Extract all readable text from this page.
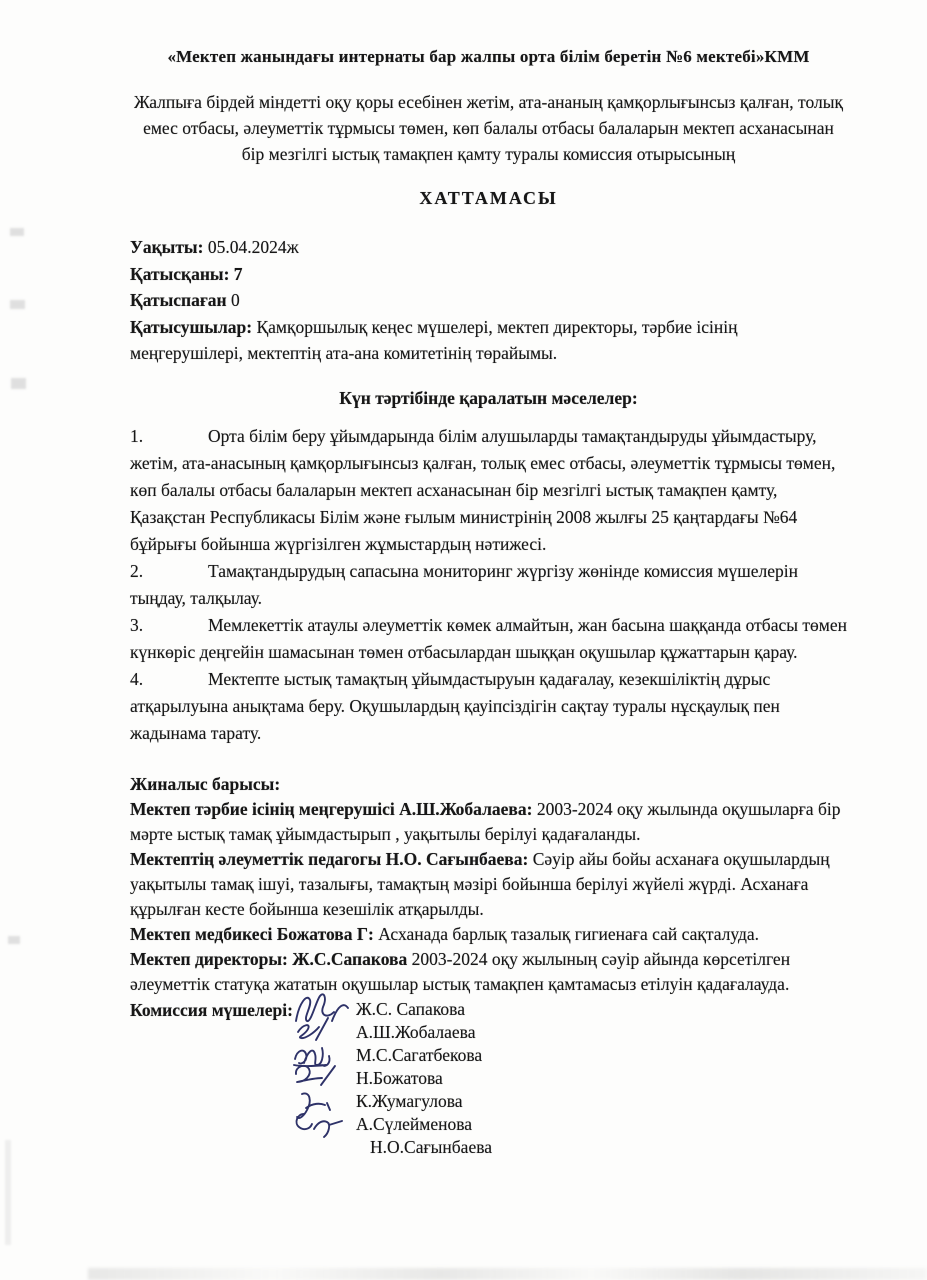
«Мектеп жанындағы интернаты бар жалпы орта білім беретін №6 мектебі»КММ
Жалпыға бірдей міндетті оқу қоры есебінен жетім, ата-ананың қамқорлығынсыз қалған, толық емес отбасы, әлеуметтік тұрмысы төмен, көп балалы отбасы балаларын мектеп асханасынан бір мезгілгі ыстық тамақпен қамту туралы комиссия отырысының
ХАТТАМАСЫ
Уақыты: 05.04.2024ж
Қатысқаны: 7
Қатыспаған 0
Қатысушылар: Қамқоршылық кеңес мүшелері, мектеп директоры, тәрбие ісінің меңгерушілері, мектептің ата-ана комитетінің төрайымы.
Күн тәртібінде қаралатын мәселелер:

1.	Орта білім беру ұйымдарында білім алушыларды тамақтандыруды ұйымдастыру, жетім, ата-анасының қамқорлығынсыз қалған, толық емес отбасы, әлеуметтік тұрмысы төмен, көп балалы отбасы балаларын мектеп асханасынан бір мезгілгі ыстық тамақпен қамту, Қазақстан Республикасы Білім және ғылым министрінің 2008 жылғы 25 қаңтардағы №64 бұйрығы бойынша жүргізілген жұмыстардың нәтижесі.

2.	Тамақтандырудың сапасына мониторинг жүргізу жөнінде комиссия мүшелерін тыңдау, талқылау.

3.	Мемлекеттік атаулы әлеуметтік көмек алмайтын, жан басына шаққанда отбасы төмен күнкөріс деңгейін шамасынан төмен отбасылардан шыққан оқушылар құжаттарын қарау.

4.	Мектепте ыстық тамақтың ұйымдастыруын қадағалау, кезекшіліктің дұрыс атқарылуына анықтама беру. Оқушылардың қауіпсіздігін сақтау туралы нұсқаулық пен жадынама тарату.

Жиналыс барысы:

Мектеп тәрбие ісінің меңгерушісі А.Ш.Жобалаева: 2003-2024 оқу жылында оқушыларға бір мәрте ыстық тамақ ұйымдастырып , уақытылы берілуі қадағаланды.

Мектептің әлеуметтік педагогы Н.О. Сағынбаева: Сәуір айы бойы асханаға оқушылардың уақытылы тамақ ішуі, тазалығы, тамақтың мәзірі бойынша берілуі жүйелі жүрді. Асханаға құрылған кесте бойынша кезешілік атқарылды.

Мектеп медбикесі Божатова Г: Асханада барлық тазалық гигиенаға сай сақталуда.

Мектеп директоры: Ж.С.Сапакова 2003-2024 оқу жылының сәуір айында көрсетілген әлеуметтік статуқа жататын оқушылар ыстық тамақпен қамтамасыз етілуін қадағалауда.

Комиссия мүшелері:	Ж.С. Сапакова
А.Ш.Жобалаева
М.С.Сагатбекова
Н.Божатова
К.Жумагулова
А.Сүлейменова
Н.О.Сағынбаева
